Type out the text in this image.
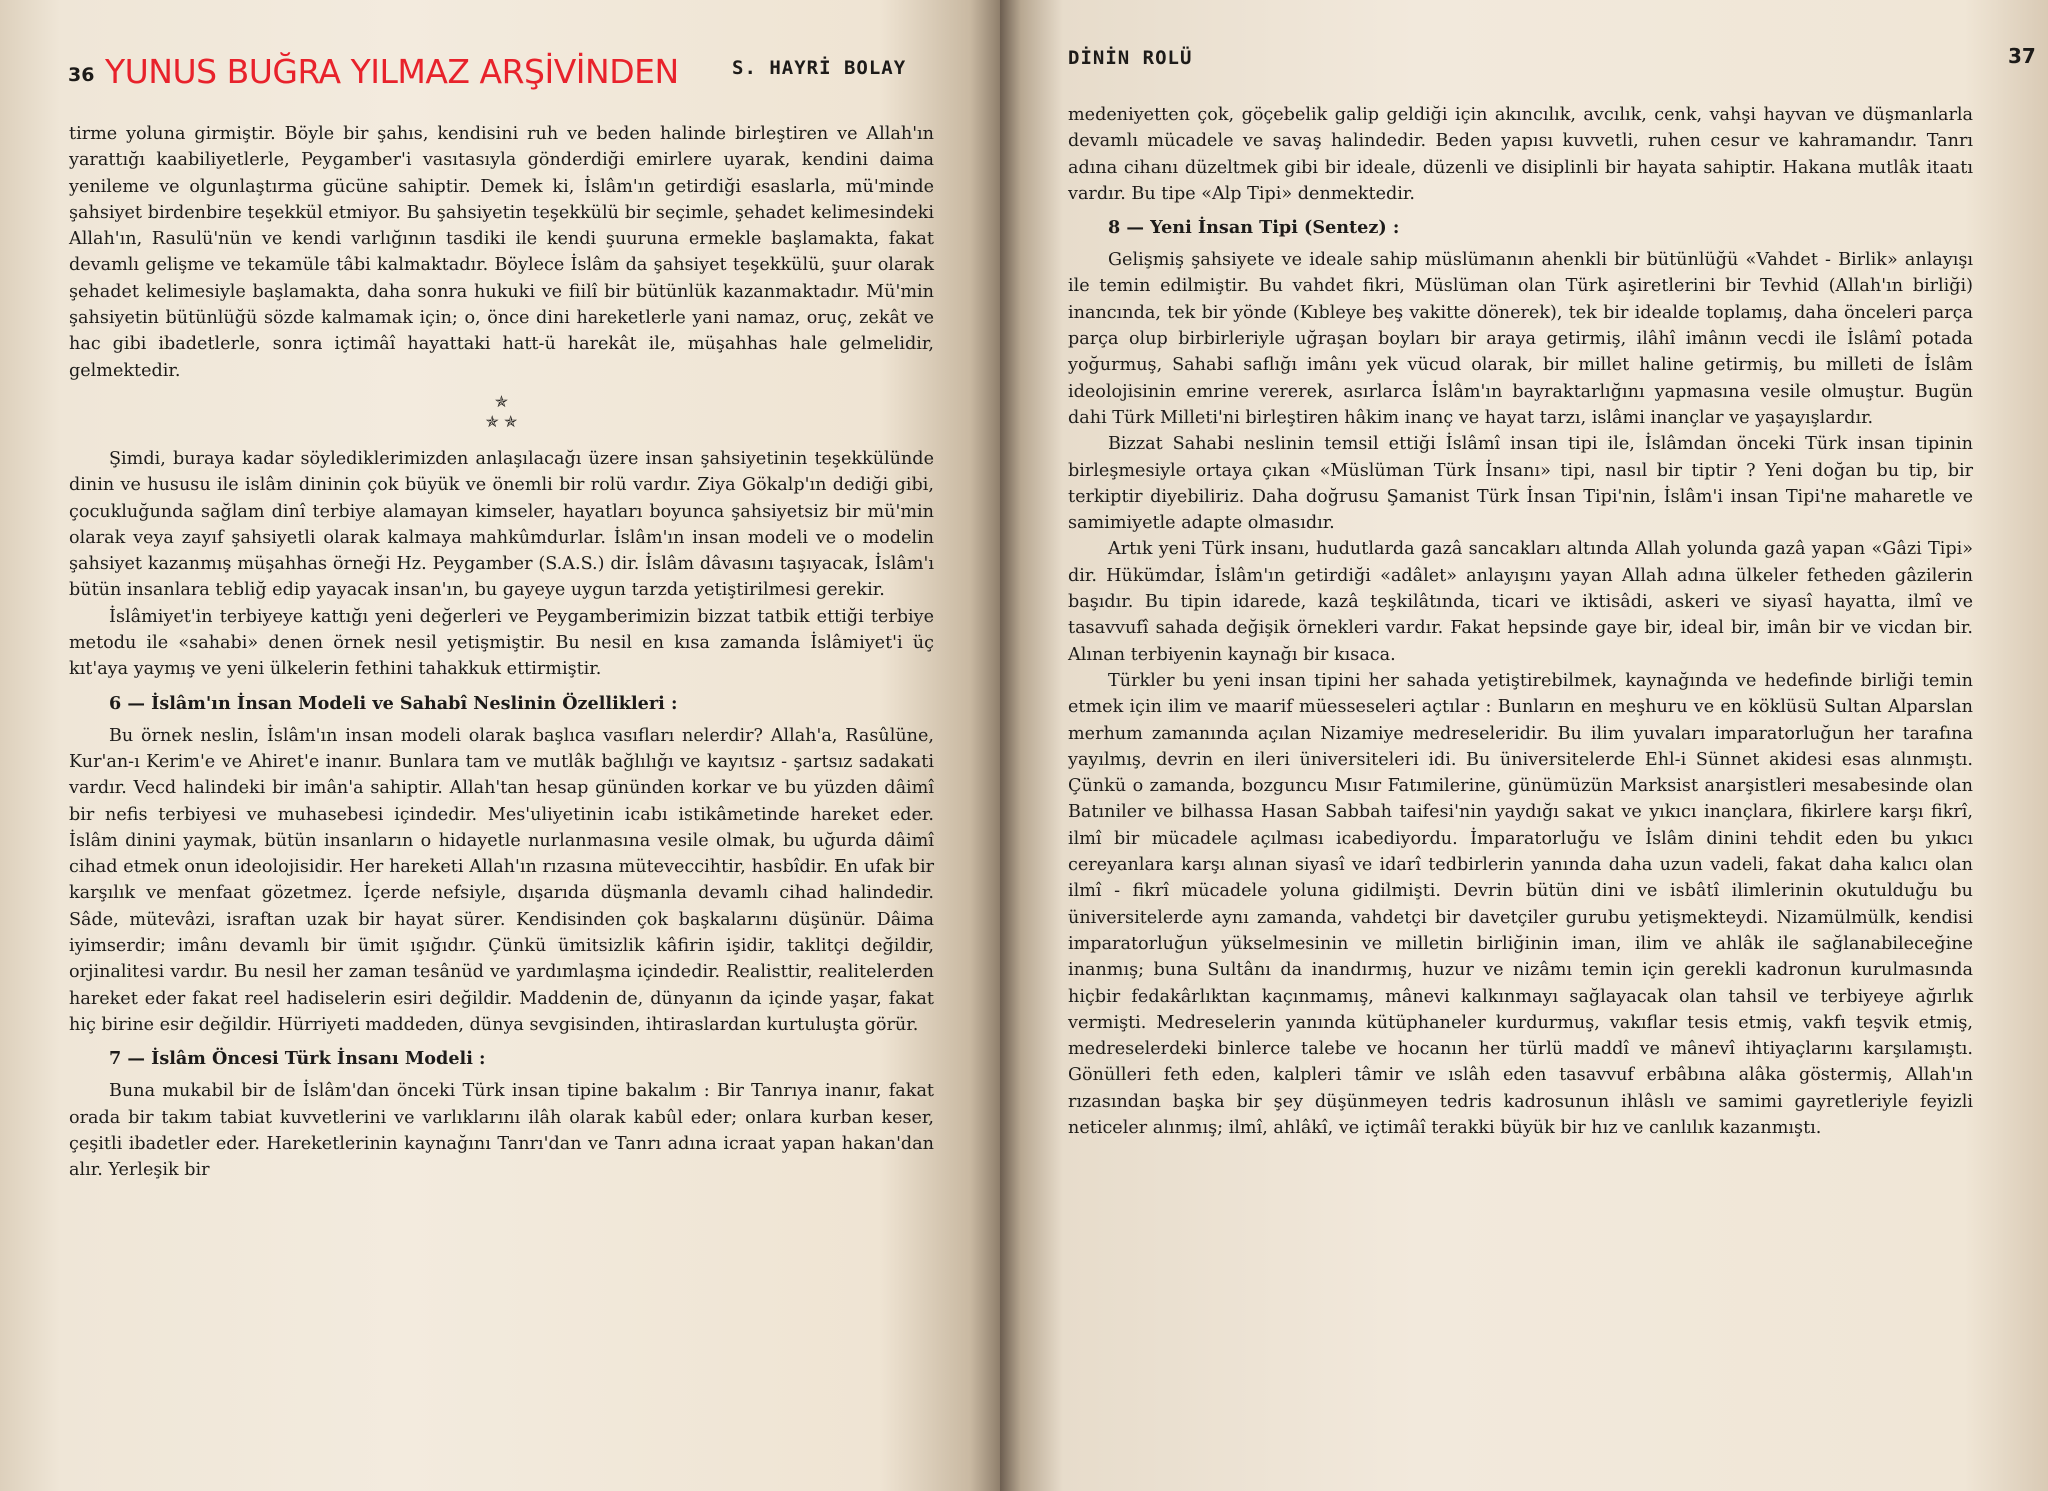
36 YUNUS BUĞRA YILMAZ ARŞİVİNDEN	S. HAYRİ BOLAY

tirme yoluna girmiştir. Böyle bir şahıs, kendisini ruh ve beden halinde birleştiren ve Allah'ın yarattığı kaabiliyetlerle, Peygamber'i vasıtasıyla gönderdiği emirlere uyarak, kendini daima yenileme ve olgunlaştırma gücüne sahiptir. Demek ki, İslâm'ın getirdiği esaslarla, mü'minde şahsiyet birdenbire teşekkül etmiyor. Bu şahsiyetin teşekkülü bir seçimle, şehadet kelimesindeki Allah'ın, Rasulü'nün ve kendi varlığının tasdiki ile kendi şuuruna ermekle başlamakta, fakat devamlı gelişme ve tekamüle tâbi kalmaktadır. Böylece İslâm da şahsiyet teşekkülü, şuur olarak şehadet kelimesiyle başlamakta, daha sonra hukuki ve fiilî bir bütünlük kazanmaktadır. Mü'min şahsiyetin bütünlüğü sözde kalmamak için; o, önce dini hareketlerle yani namaz, oruç, zekât ve hac gibi ibadetlerle, sonra içtimâî hayattaki hatt-ü harekât ile, müşahhas hale gelmelidir, gelmektedir.

✯
✯ ✯

Şimdi, buraya kadar söylediklerimizden anlaşılacağı üzere insan şahsiyetinin teşekkülünde dinin ve hususu ile islâm dininin çok büyük ve önemli bir rolü vardır. Ziya Gökalp'ın dediği gibi, çocukluğunda sağlam dinî terbiye alamayan kimseler, hayatları boyunca şahsiyetsiz bir mü'min olarak veya zayıf şahsiyetli olarak kalmaya mahkûmdurlar. İslâm'ın insan modeli ve o modelin şahsiyet kazanmış müşahhas örneği Hz. Peygamber (S.A.S.) dir. İslâm dâvasını taşıyacak, İslâm'ı bütün insanlara tebliğ edip yayacak insan'ın, bu gayeye uygun tarzda yetiştirilmesi gerekir.

İslâmiyet'in terbiyeye kattığı yeni değerleri ve Peygamberimizin bizzat tatbik ettiği terbiye metodu ile «sahabi» denen örnek nesil yetişmiştir. Bu nesil en kısa zamanda İslâmiyet'i üç kıt'aya yaymış ve yeni ülkelerin fethini tahakkuk ettirmiştir.

6 — İslâm'ın İnsan Modeli ve Sahabî Neslinin Özellikleri :

Bu örnek neslin, İslâm'ın insan modeli olarak başlıca vasıfları nelerdir? Allah'a, Rasûlüne, Kur'an-ı Kerim'e ve Ahiret'e inanır. Bunlara tam ve mutlâk bağlılığı ve kayıtsız - şartsız sadakati vardır. Vecd halindeki bir imân'a sahiptir. Allah'tan hesap gününden korkar ve bu yüzden dâimî bir nefis terbiyesi ve muhasebesi içindedir. Mes'uliyetinin icabı istikâmetinde hareket eder. İslâm dinini yaymak, bütün insanların o hidayetle nurlanmasına vesile olmak, bu uğurda dâimî cihad etmek onun ideolojisidir. Her hareketi Allah'ın rızasına müteveccihtir, hasbîdir. En ufak bir karşılık ve menfaat gözetmez. İçerde nefsiyle, dışarıda düşmanla devamlı cihad halindedir. Sâde, mütevâzi, israftan uzak bir hayat sürer. Kendisinden çok başkalarını düşünür. Dâima iyimserdir; imânı devamlı bir ümit ışığıdır. Çünkü ümitsizlik kâfirin işidir, taklitçi değildir, orjinalitesi vardır. Bu nesil her zaman tesânüd ve yardımlaşma içindedir. Realisttir, realitelerden hareket eder fakat reel hadiselerin esiri değildir. Maddenin de, dünyanın da içinde yaşar, fakat hiç birine esir değildir. Hürriyeti maddeden, dünya sevgisinden, ihtiraslardan kurtuluşta görür.

7 — İslâm Öncesi Türk İnsanı Modeli :

Buna mukabil bir de İslâm'dan önceki Türk insan tipine bakalım : Bir Tanrıya inanır, fakat orada bir takım tabiat kuvvetlerini ve varlıklarını ilâh olarak kabûl eder; onlara kurban keser, çeşitli ibadetler eder. Hareketlerinin kaynağını Tanrı'dan ve Tanrı adına icraat yapan hakan'dan alır. Yerleşik bir

DİNİN ROLÜ	37

medeniyetten çok, göçebelik galip geldiği için akıncılık, avcılık, cenk, vahşi hayvan ve düşmanlarla devamlı mücadele ve savaş halindedir. Beden yapısı kuvvetli, ruhen cesur ve kahramandır. Tanrı adına cihanı düzeltmek gibi bir ideale, düzenli ve disiplinli bir hayata sahiptir. Hakana mutlâk itaatı vardır. Bu tipe «Alp Tipi» denmektedir.

8 — Yeni İnsan Tipi (Sentez) :

Gelişmiş şahsiyete ve ideale sahip müslümanın ahenkli bir bütünlüğü «Vahdet - Birlik» anlayışı ile temin edilmiştir. Bu vahdet fikri, Müslüman olan Türk aşiretlerini bir Tevhid (Allah'ın birliği) inancında, tek bir yönde (Kıbleye beş vakitte dönerek), tek bir idealde toplamış, daha önceleri parça parça olup birbirleriyle uğraşan boyları bir araya getirmiş, ilâhî imânın vecdi ile İslâmî potada yoğurmuş, Sahabi saflığı imânı yek vücud olarak, bir millet haline getirmiş, bu milleti de İslâm ideolojisinin emrine vererek, asırlarca İslâm'ın bayraktarlığını yapmasına vesile olmuştur. Bugün dahi Türk Milleti'ni birleştiren hâkim inanç ve hayat tarzı, islâmi inançlar ve yaşayışlardır.

Bizzat Sahabi neslinin temsil ettiği İslâmî insan tipi ile, İslâmdan önceki Türk insan tipinin birleşmesiyle ortaya çıkan «Müslüman Türk İnsanı» tipi, nasıl bir tiptir ? Yeni doğan bu tip, bir terkiptir diyebiliriz. Daha doğrusu Şamanist Türk İnsan Tipi'nin, İslâm'i insan Tipi'ne maharetle ve samimiyetle adapte olmasıdır.

Artık yeni Türk insanı, hudutlarda gazâ sancakları altında Allah yolunda gazâ yapan «Gâzi Tipi» dir. Hükümdar, İslâm'ın getirdiği «adâlet» anlayışını yayan Allah adına ülkeler fetheden gâzilerin başıdır. Bu tipin idarede, kazâ teşkilâtında, ticari ve iktisâdi, askeri ve siyasî hayatta, ilmî ve tasavvufî sahada değişik örnekleri vardır. Fakat hepsinde gaye bir, ideal bir, imân bir ve vicdan bir. Alınan terbiyenin kaynağı bir kısaca.

Türkler bu yeni insan tipini her sahada yetiştirebilmek, kaynağında ve hedefinde birliği temin etmek için ilim ve maarif müesseseleri açtılar : Bunların en meşhuru ve en köklüsü Sultan Alparslan merhum zamanında açılan Nizamiye medreseleridir. Bu ilim yuvaları imparatorluğun her tarafına yayılmış, devrin en ileri üniversiteleri idi. Bu üniversitelerde Ehl-i Sünnet akidesi esas alınmıştı. Çünkü o zamanda, bozguncu Mısır Fatımilerine, günümüzün Marksist anarşistleri mesabesinde olan Batıniler ve bilhassa Hasan Sabbah taifesi'nin yaydığı sakat ve yıkıcı inançlara, fikirlere karşı fikrî, ilmî bir mücadele açılması icabediyordu. İmparatorluğu ve İslâm dinini tehdit eden bu yıkıcı cereyanlara karşı alınan siyasî ve idarî tedbirlerin yanında daha uzun vadeli, fakat daha kalıcı olan ilmî - fikrî mücadele yoluna gidilmişti. Devrin bütün dini ve isbâtî ilimlerinin okutulduğu bu üniversitelerde aynı zamanda, vahdetçi bir davetçiler gurubu yetişmekteydi. Nizamülmülk, kendisi imparatorluğun yükselmesinin ve milletin birliğinin iman, ilim ve ahlâk ile sağlanabileceğine inanmış; buna Sultânı da inandırmış, huzur ve nizâmı temin için gerekli kadronun kurulmasında hiçbir fedakârlıktan kaçınmamış, mânevi kalkınmayı sağlayacak olan tahsil ve terbiyeye ağırlık vermişti. Medreselerin yanında kütüphaneler kurdurmuş, vakıflar tesis etmiş, vakfı teşvik etmiş, medreselerdeki binlerce talebe ve hocanın her türlü maddî ve mânevî ihtiyaçlarını karşılamıştı. Gönülleri feth eden, kalpleri tâmir ve ıslâh eden tasavvuf erbâbına alâka göstermiş, Allah'ın rızasından başka bir şey düşünmeyen tedris kadrosunun ihlâslı ve samimi gayretleriyle feyizli neticeler alınmış; ilmî, ahlâkî, ve içtimâî terakki büyük bir hız ve canlılık kazanmıştı.
